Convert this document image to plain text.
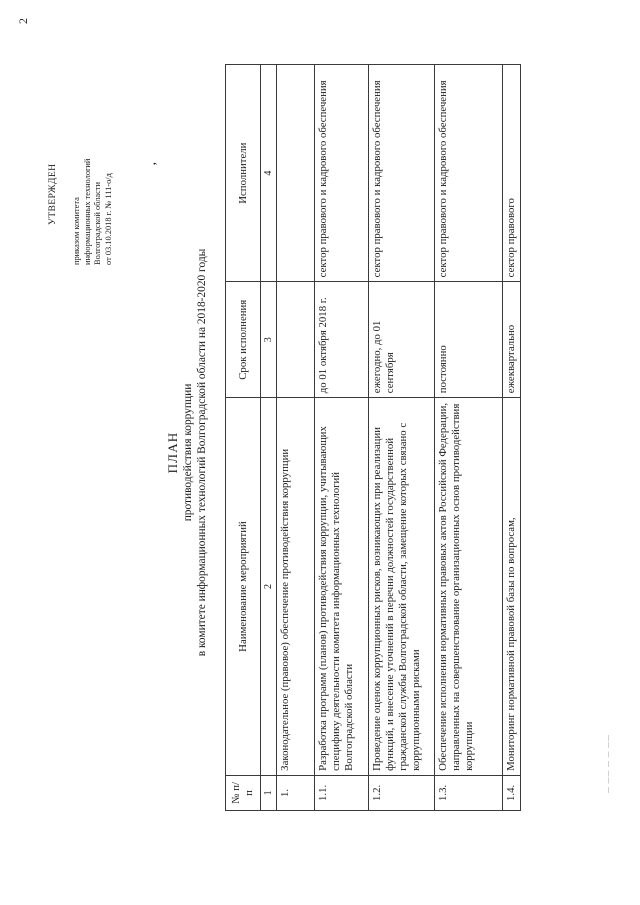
2
УТВЕРЖДЕН
приказом комитета информационных технологий Волгоградской области от 03.10.2018 г. № 111-о/д
,
ПЛАН противодействия коррупции в комитете информационных технологий Волгоградской области на 2018-2020 годы
№ п/п	Наименование мероприятий	Срок исполнения	Исполнители
1	2	3	4
1.	Законодательное (правовое) обеспечение противодействия коррупции		
1.1.	Разработка программ (планов) противодействия коррупции, учитывающих специфику деятельности комитета информационных технологий Волгоградской области	до 01 октября 2018 г.	сектор правового и кадрового обеспечения
1.2.	Проведение оценок коррупционных рисков, возникающих при реализации функций, и внесение уточнений в перечни должностей государственной гражданской службы Волгоградской области, замещение которых связано с коррупционными рисками	ежегодно, до 01 сентября	сектор правового и кадрового обеспечения
1.3.	Обеспечение исполнения нормативных правовых актов Российской Федерации, направленных на совершенствование организационных основ противодействия коррупции	постоянно	сектор правового и кадрового обеспечения
1.4.	Мониторинг нормативной правовой базы по вопросам,	ежеквартально	сектор правового
— —— — — ——
